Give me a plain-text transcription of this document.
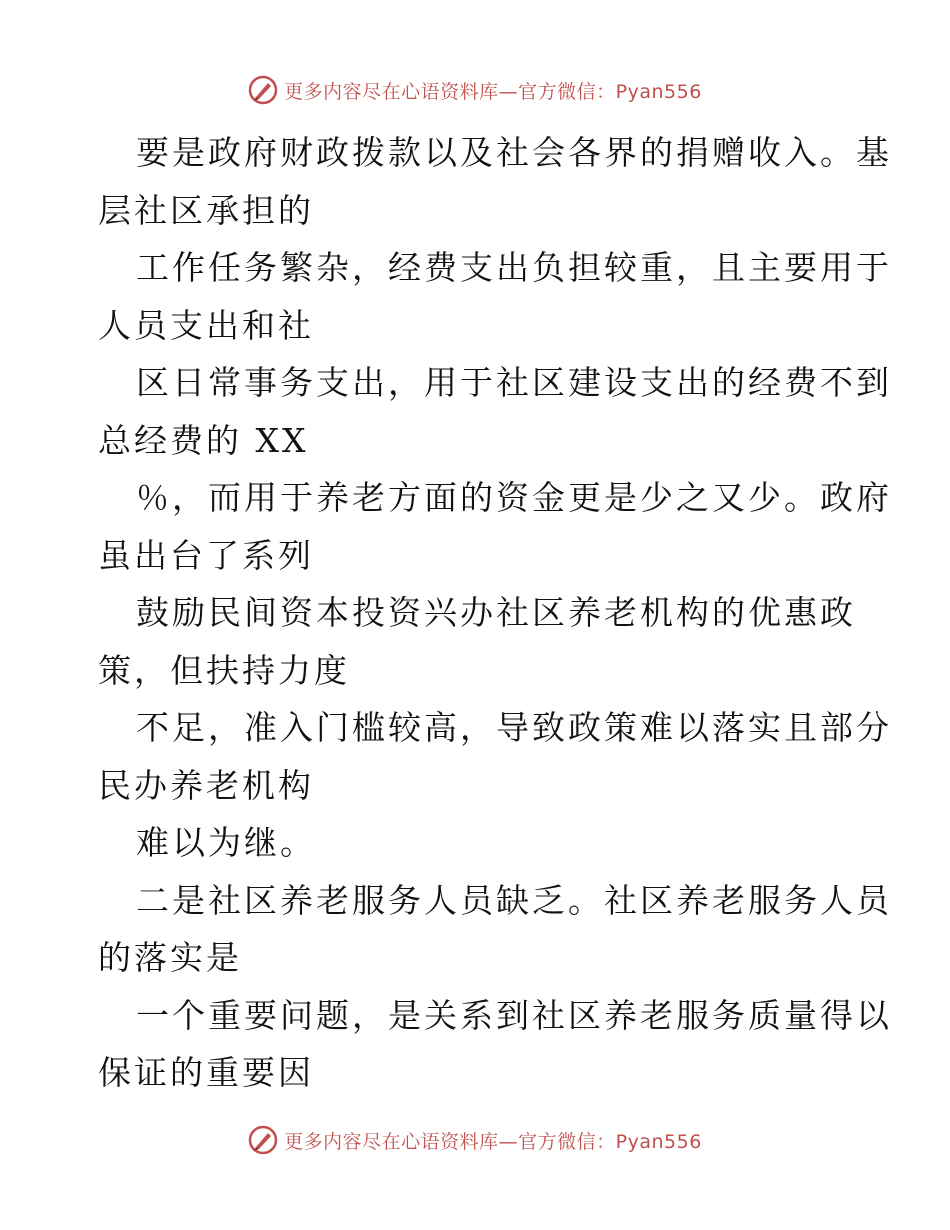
更多内容尽在心语资料库—官方微信：Pyan556
要是政府财政拨款以及社会各界的捐赠收入。基
层社区承担的
工作任务繁杂，经费支出负担较重，且主要用于
人员支出和社
区日常事务支出，用于社区建设支出的经费不到
总经费的 XX
％，而用于养老方面的资金更是少之又少。政府
虽出台了系列
鼓励民间资本投资兴办社区养老机构的优惠政
策，但扶持力度
不足，准入门槛较高，导致政策难以落实且部分
民办养老机构
难以为继。
二是社区养老服务人员缺乏。社区养老服务人员
的落实是
一个重要问题，是关系到社区养老服务质量得以
保证的重要因
更多内容尽在心语资料库—官方微信：Pyan556
